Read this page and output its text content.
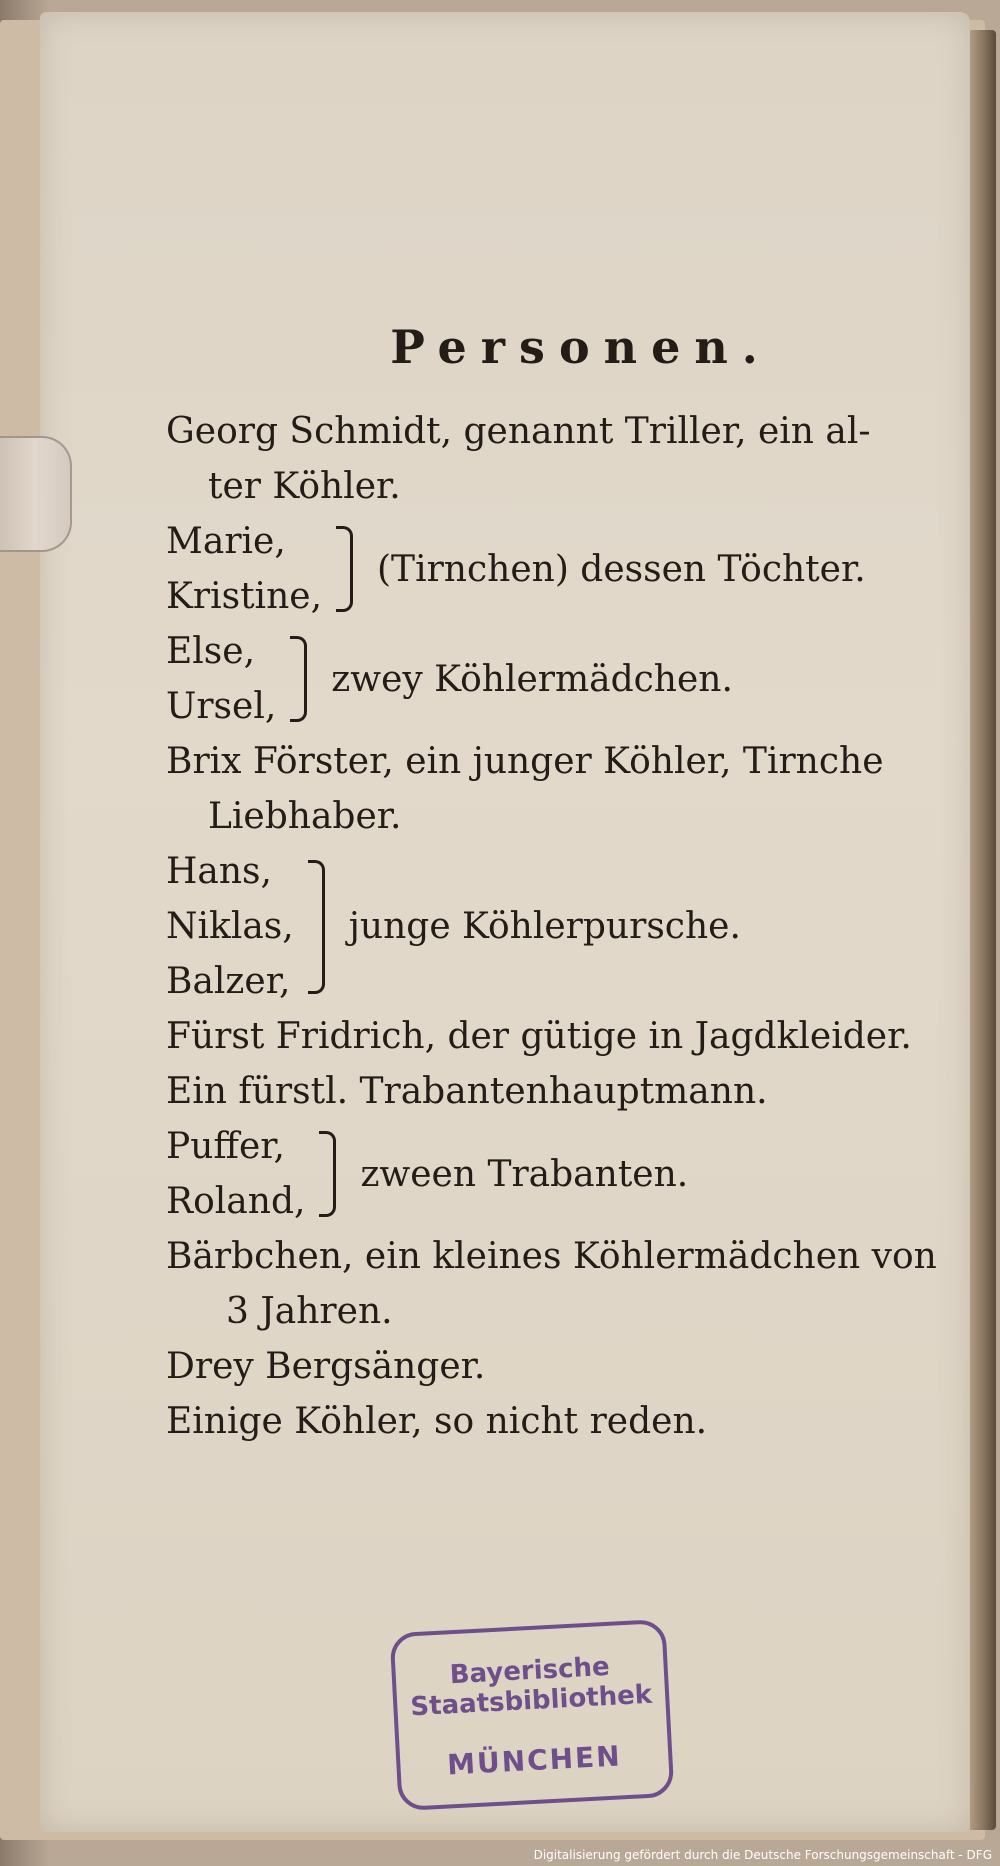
Personen.
Georg Schmidt, genannt Triller, ein al-
ter Köhler.
Marie,
Kristine,
(Tirnchen) dessen Töchter.
Else,
Ursel,
zwey Köhlermädchen.
Brix Förster, ein junger Köhler, Tirnche
Liebhaber.
Hans,
Niklas,
Balzer,
junge Köhlerpursche.
Fürst Fridrich, der gütige in Jagdkleider.
Ein fürstl. Trabantenhauptmann.
Puffer,
Roland,
zween Trabanten.
Bärbchen, ein kleines Köhlermädchen von
3 Jahren.
Drey Bergsänger.
Einige Köhler, so nicht reden.
Bayerische
Staatsbibliothek
MÜNCHEN
Digitalisierung gefördert durch die Deutsche Forschungsgemeinschaft - DFG
